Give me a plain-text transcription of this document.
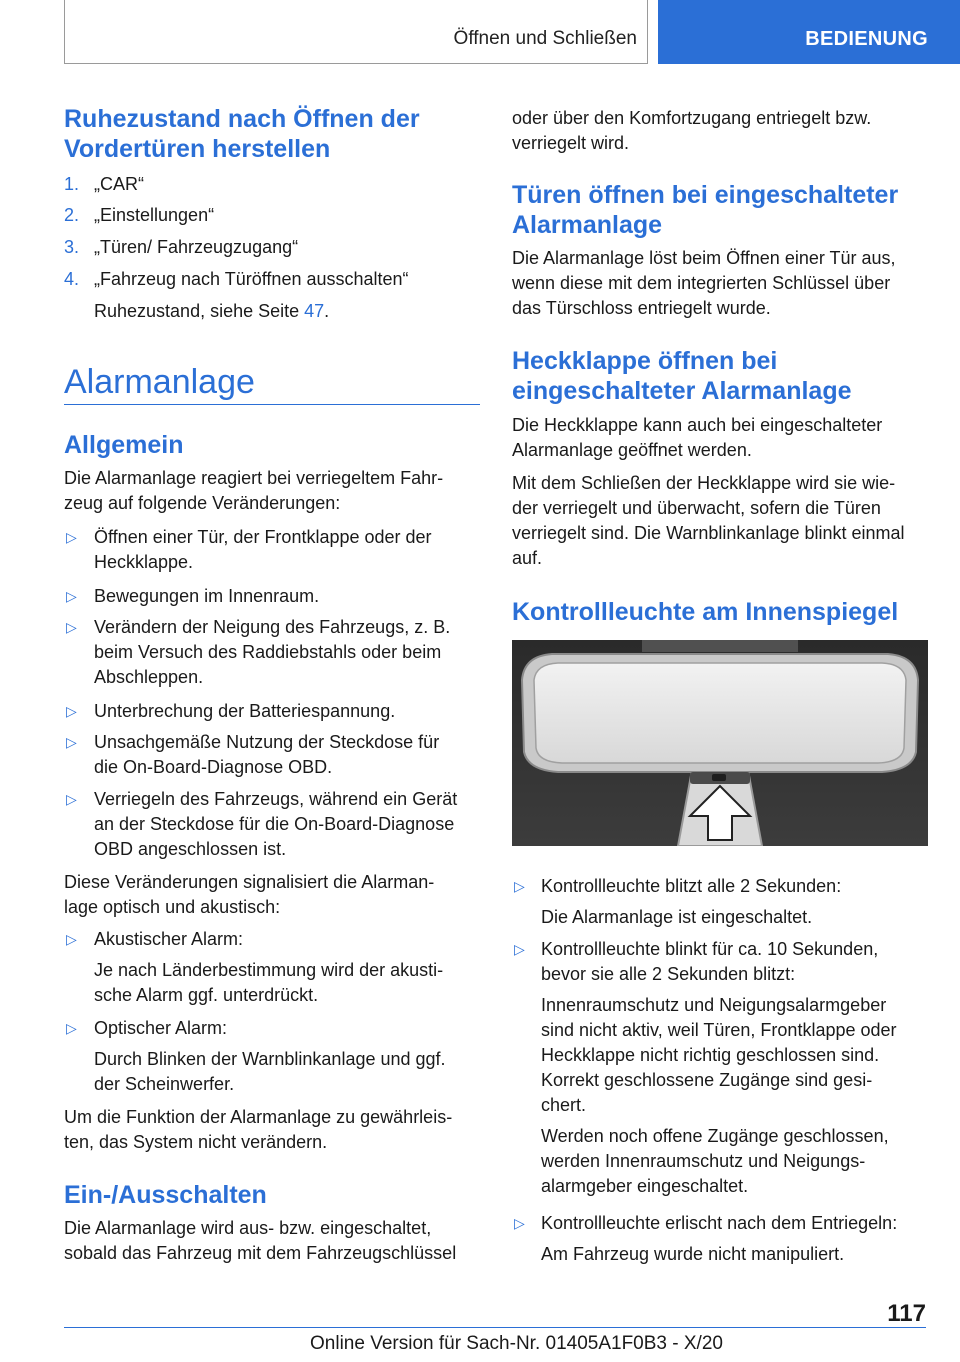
Öffnen und Schließen	BEDIENUNG
Ruhezustand nach Öffnen der
Vordertüren herstellen
1. „CAR“
2. „Einstellungen“
3. „Türen/ Fahrzeugzugang“
4. „Fahrzeug nach Türöffnen ausschalten“
Ruhezustand, siehe Seite 47.
Alarmanlage
Allgemein
Die Alarmanlage reagiert bei verriegeltem Fahr-
zeug auf folgende Veränderungen:
▷ Öffnen einer Tür, der Frontklappe oder der
Heckklappe.
▷ Bewegungen im Innenraum.
▷ Verändern der Neigung des Fahrzeugs, z. B.
beim Versuch des Raddiebstahls oder beim
Abschleppen.
▷ Unterbrechung der Batteriespannung.
▷ Unsachgemäße Nutzung der Steckdose für
die On-Board-Diagnose OBD.
▷ Verriegeln des Fahrzeugs, während ein Gerät
an der Steckdose für die On-Board-Diagnose
OBD angeschlossen ist.
Diese Veränderungen signalisiert die Alarman-
lage optisch und akustisch:
▷ Akustischer Alarm:
Je nach Länderbestimmung wird der akusti-
sche Alarm ggf. unterdrückt.
▷ Optischer Alarm:
Durch Blinken der Warnblinkanlage und ggf.
der Scheinwerfer.
Um die Funktion der Alarmanlage zu gewährleis-
ten, das System nicht verändern.
Ein-/Ausschalten
Die Alarmanlage wird aus- bzw. eingeschaltet,
sobald das Fahrzeug mit dem Fahrzeugschlüssel
oder über den Komfortzugang entriegelt bzw.
verriegelt wird.
Türen öffnen bei eingeschalteter
Alarmanlage
Die Alarmanlage löst beim Öffnen einer Tür aus,
wenn diese mit dem integrierten Schlüssel über
das Türschloss entriegelt wurde.
Heckklappe öffnen bei
eingeschalteter Alarmanlage
Die Heckklappe kann auch bei eingeschalteter
Alarmanlage geöffnet werden.
Mit dem Schließen der Heckklappe wird sie wie-
der verriegelt und überwacht, sofern die Türen
verriegelt sind. Die Warnblinkanlage blinkt einmal
auf.
Kontrollleuchte am Innenspiegel
▷ Kontrollleuchte blitzt alle 2 Sekunden:
Die Alarmanlage ist eingeschaltet.
▷ Kontrollleuchte blinkt für ca. 10 Sekunden,
bevor sie alle 2 Sekunden blitzt:
Innenraumschutz und Neigungsalarmgeber
sind nicht aktiv, weil Türen, Frontklappe oder
Heckklappe nicht richtig geschlossen sind.
Korrekt geschlossene Zugänge sind gesi-
chert.
Werden noch offene Zugänge geschlossen,
werden Innenraumschutz und Neigungs-
alarmgeber eingeschaltet.
▷ Kontrollleuchte erlischt nach dem Entriegeln:
Am Fahrzeug wurde nicht manipuliert.
117
Online Version für Sach-Nr. 01405A1F0B3 - X/20
